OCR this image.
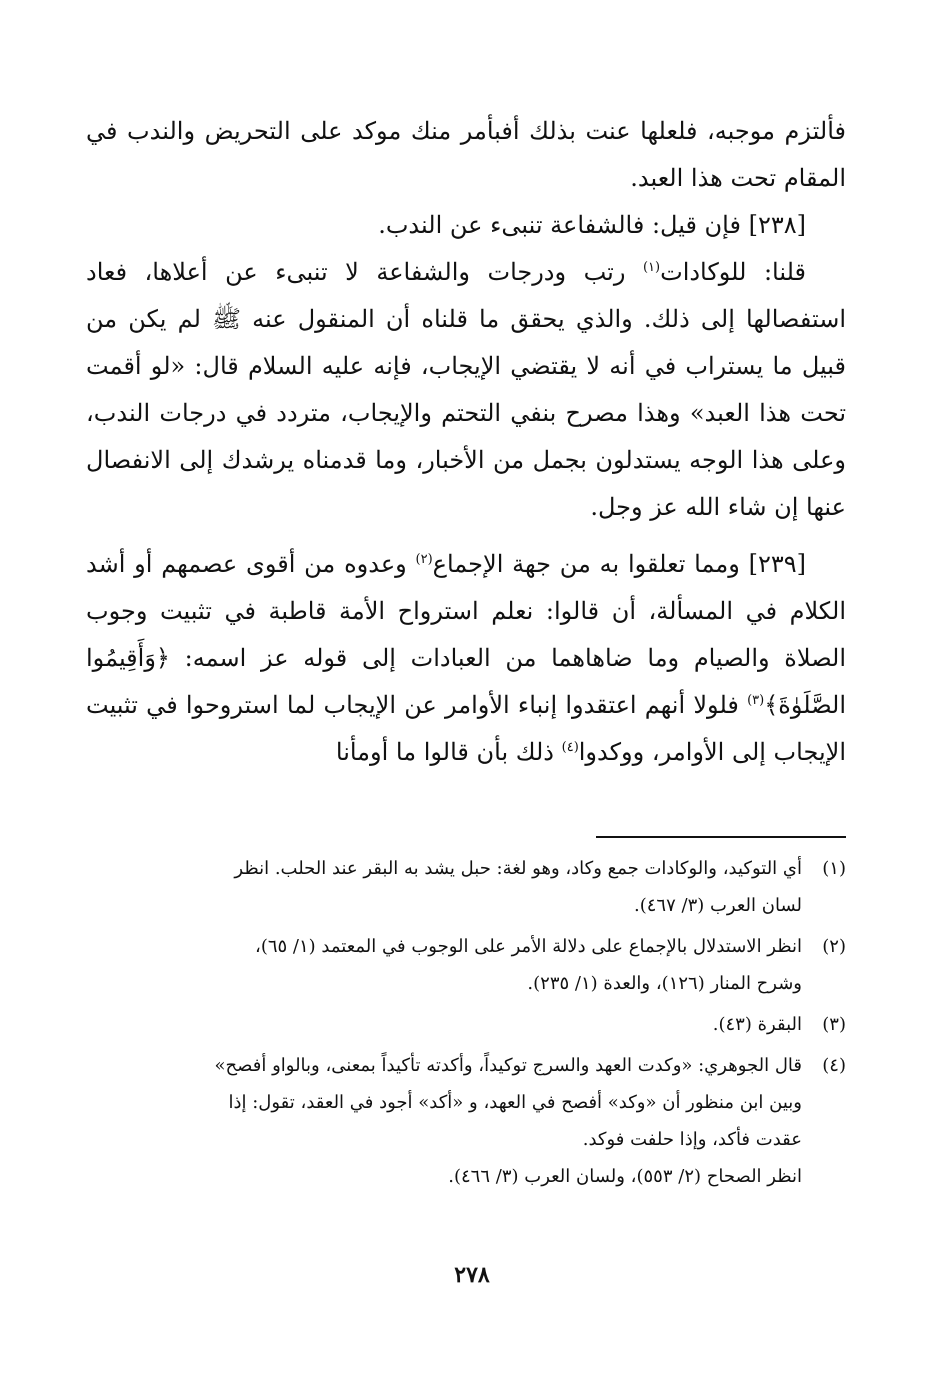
فألتزم موجبه، فلعلها عنت بذلك أفبأمر منك موكد على التحريض والندب في المقام تحت هذا العبد.

[٢٣٨] فإن قيل: فالشفاعة تنبىء عن الندب.

قلنا: للوكادات$^{(١)}$ رتب ودرجات والشفاعة لا تنبىء عن أعلاها، فعاد استفصالها إلى ذلك. والذي يحقق ما قلناه أن المنقول عنه ﷺ لم يكن من قبيل ما يستراب في أنه لا يقتضي الإيجاب، فإنه عليه السلام قال: «لو أقمت تحت هذا العبد» وهذا مصرح بنفي التحتم والإيجاب، متردد في درجات الندب، وعلى هذا الوجه يستدلون بجمل من الأخبار، وما قدمناه يرشدك إلى الانفصال عنها إن شاء الله عز وجل.

[٢٣٩] ومما تعلقوا به من جهة الإجماع$^{(٢)}$ وعدوه من أقوى عصمهم أو أشد الكلام في المسألة، أن قالوا: نعلم استرواح الأمة قاطبة في تثبيت وجوب الصلاة والصيام وما ضاهاهما من العبادات إلى قوله عز اسمه: ﴿وَأَقِيمُوا الصَّلَوٰةَ﴾$^{(٣)}$ فلولا أنهم اعتقدوا إنباء الأوامر عن الإيجاب لما استروحوا في تثبيت الإيجاب إلى الأوامر، ووكدوا$^{(٤)}$ ذلك بأن قالوا ما أومأنا

(١)
أي التوكيد، والوكادات جمع وكاد، وهو لغة: حبل يشد به البقر عند الحلب. انظر
لسان العرب (٣/ ٤٦٧).
(٢)
انظر الاستدلال بالإجماع على دلالة الأمر على الوجوب في المعتمد (١/ ٦٥)،
وشرح المنار (١٢٦)، والعدة (١/ ٢٣٥).
(٣)
البقرة (٤٣).
(٤)
قال الجوهري: «وكدت العهد والسرج توكيداً، وأكدته تأكيداً بمعنى، وبالواو أفصح»
وبين ابن منظور أن «وكد» أفصح في العهد، و «أكد» أجود في العقد، تقول: إذا
عقدت فأكد، وإذا حلفت فوكد.
انظر الصحاح (٢/ ٥٥٣)، ولسان العرب (٣/ ٤٦٦).
٢٧٨
